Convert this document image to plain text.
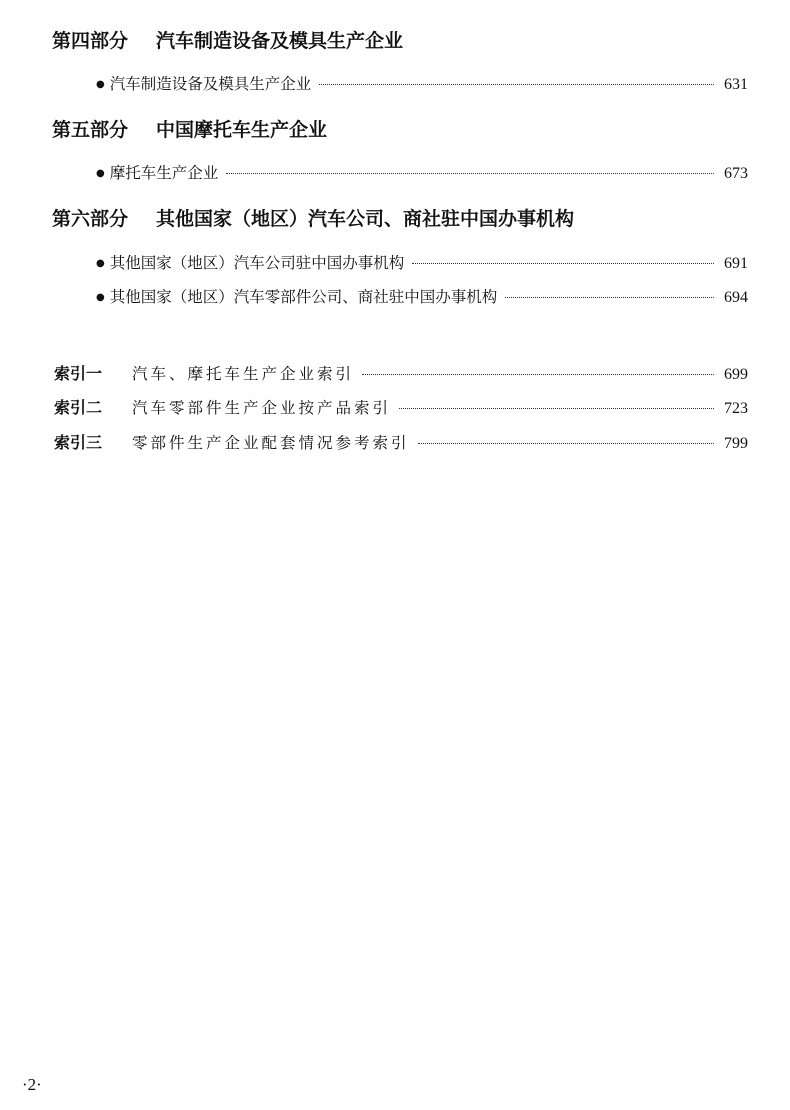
第四部分 汽车制造设备及模具生产企业
● 汽车制造设备及模具生产企业	631
第五部分 中国摩托车生产企业
● 摩托车生产企业	673
第六部分 其他国家（地区）汽车公司、商社驻中国办事机构
● 其他国家（地区）汽车公司驻中国办事机构	691
● 其他国家（地区）汽车零部件公司、商社驻中国办事机构	694
索引一	汽车、摩托车生产企业索引	699
索引二	汽车零部件生产企业按产品索引	723
索引三	零部件生产企业配套情况参考索引	799
·2·
